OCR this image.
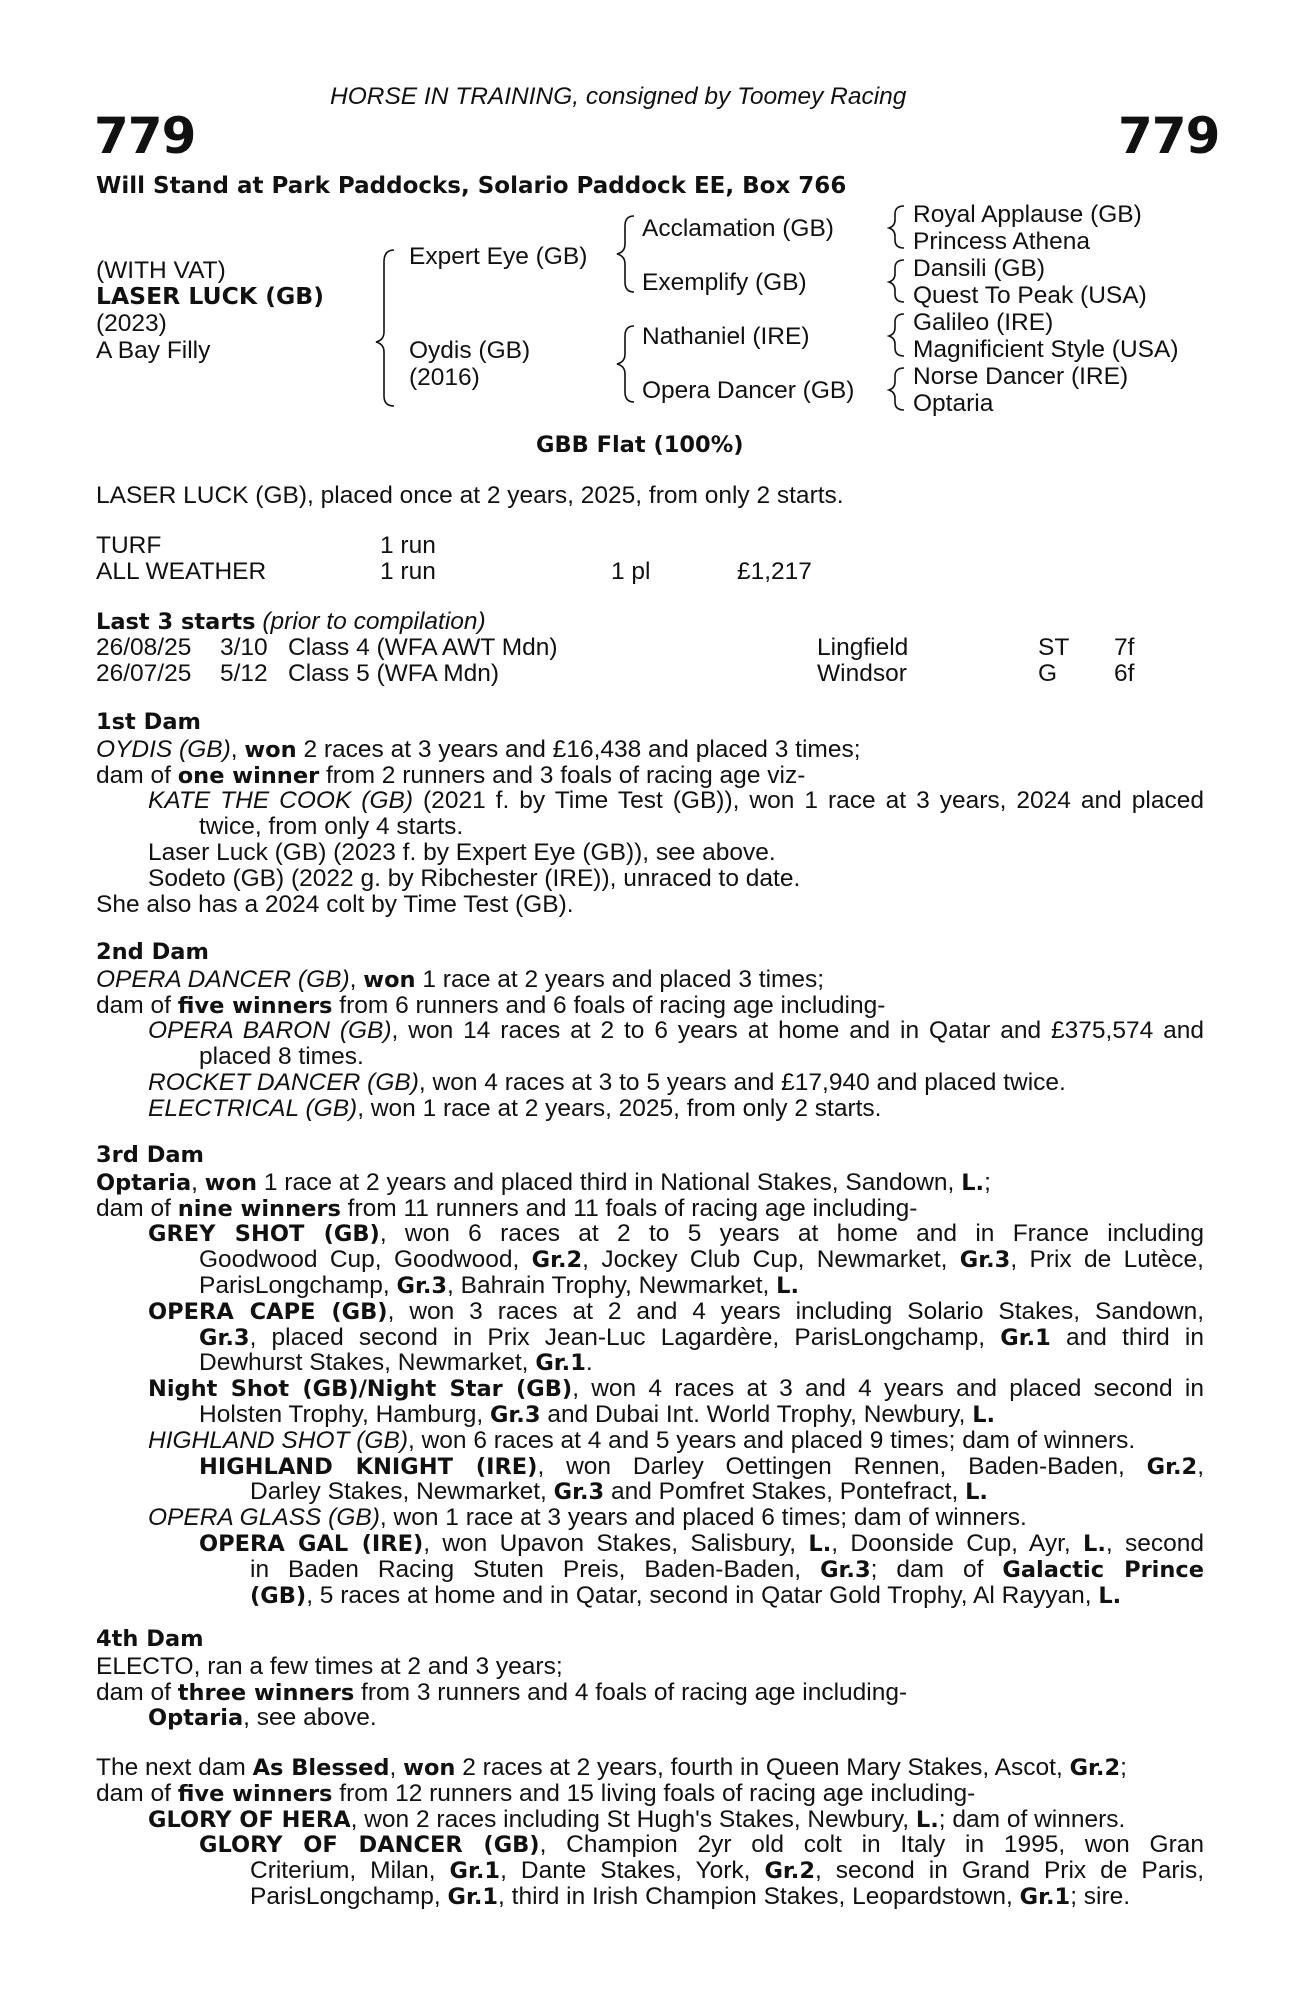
HORSE IN TRAINING, consigned by Toomey Racing
779	779
Will Stand at Park Paddocks, Solario Paddock EE, Box 766
(WITH VAT)
LASER LUCK (GB)
(2023)
A Bay Filly
Expert Eye (GB)
Oydis (GB)
(2016)
Acclamation (GB)
Exemplify (GB)
Nathaniel (IRE)
Opera Dancer (GB)
Royal Applause (GB)
Princess Athena
Dansili (GB)
Quest To Peak (USA)
Galileo (IRE)
Magnificient Style (USA)
Norse Dancer (IRE)
Optaria
GBB Flat (100%)
LASER LUCK (GB), placed once at 2 years, 2025, from only 2 starts.
TURF	1 run
ALL WEATHER	1 run	1 pl	£1,217
Last 3 starts (prior to compilation)
26/08/25 3/10 Class 4 (WFA AWT Mdn)	Lingfield	ST 7f
26/07/25 5/12 Class 5 (WFA Mdn)	Windsor	G 6f
1st Dam
OYDIS (GB), won 2 races at 3 years and £16,438 and placed 3 times;
dam of one winner from 2 runners and 3 foals of racing age viz-
KATE THE COOK (GB) (2021 f. by Time Test (GB)), won 1 race at 3 years, 2024 and placed
twice, from only 4 starts.
Laser Luck (GB) (2023 f. by Expert Eye (GB)), see above.
Sodeto (GB) (2022 g. by Ribchester (IRE)), unraced to date.
She also has a 2024 colt by Time Test (GB).
2nd Dam
OPERA DANCER (GB), won 1 race at 2 years and placed 3 times;
dam of five winners from 6 runners and 6 foals of racing age including-
OPERA BARON (GB), won 14 races at 2 to 6 years at home and in Qatar and £375,574 and
placed 8 times.
ROCKET DANCER (GB), won 4 races at 3 to 5 years and £17,940 and placed twice.
ELECTRICAL (GB), won 1 race at 2 years, 2025, from only 2 starts.
3rd Dam
Optaria, won 1 race at 2 years and placed third in National Stakes, Sandown, L.;
dam of nine winners from 11 runners and 11 foals of racing age including-
GREY SHOT (GB), won 6 races at 2 to 5 years at home and in France including
Goodwood Cup, Goodwood, Gr.2, Jockey Club Cup, Newmarket, Gr.3, Prix de Lutèce,
ParisLongchamp, Gr.3, Bahrain Trophy, Newmarket, L.
OPERA CAPE (GB), won 3 races at 2 and 4 years including Solario Stakes, Sandown,
Gr.3, placed second in Prix Jean-Luc Lagardère, ParisLongchamp, Gr.1 and third in
Dewhurst Stakes, Newmarket, Gr.1.
Night Shot (GB)/Night Star (GB), won 4 races at 3 and 4 years and placed second in
Holsten Trophy, Hamburg, Gr.3 and Dubai Int. World Trophy, Newbury, L.
HIGHLAND SHOT (GB), won 6 races at 4 and 5 years and placed 9 times; dam of winners.
HIGHLAND KNIGHT (IRE), won Darley Oettingen Rennen, Baden-Baden, Gr.2,
Darley Stakes, Newmarket, Gr.3 and Pomfret Stakes, Pontefract, L.
OPERA GLASS (GB), won 1 race at 3 years and placed 6 times; dam of winners.
OPERA GAL (IRE), won Upavon Stakes, Salisbury, L., Doonside Cup, Ayr, L., second
in Baden Racing Stuten Preis, Baden-Baden, Gr.3; dam of Galactic Prince
(GB), 5 races at home and in Qatar, second in Qatar Gold Trophy, Al Rayyan, L.
4th Dam
ELECTO, ran a few times at 2 and 3 years;
dam of three winners from 3 runners and 4 foals of racing age including-
Optaria, see above.
The next dam As Blessed, won 2 races at 2 years, fourth in Queen Mary Stakes, Ascot, Gr.2;
dam of five winners from 12 runners and 15 living foals of racing age including-
GLORY OF HERA, won 2 races including St Hugh's Stakes, Newbury, L.; dam of winners.
GLORY OF DANCER (GB), Champion 2yr old colt in Italy in 1995, won Gran
Criterium, Milan, Gr.1, Dante Stakes, York, Gr.2, second in Grand Prix de Paris,
ParisLongchamp, Gr.1, third in Irish Champion Stakes, Leopardstown, Gr.1; sire.
